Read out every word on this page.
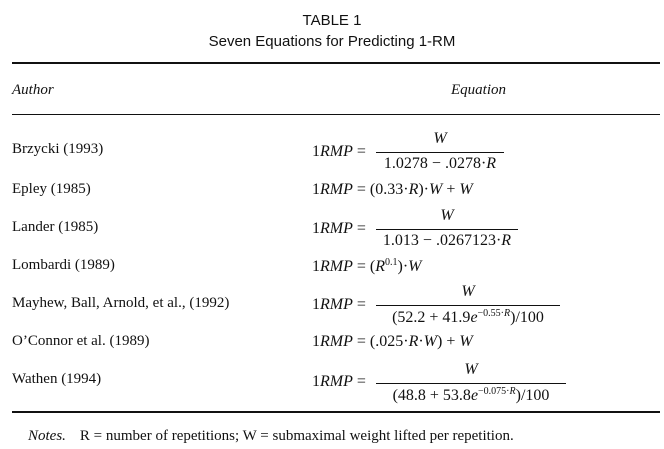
TABLE 1
Seven Equations for Predicting 1-RM
Author	Equation
Brzycki (1993)	1RMP =
W
1.0278 − .0278·R
Epley (1985)	1RMP = (0.33·R)·W + W
Lander (1985)	1RMP =
W
1.013 − .0267123·R
Lombardi (1989)	$1RMP = (R^{0.1})\cdot W$
Mayhew, Ball, Arnold, et al., (1992)	1RMP =
W
$(52.2 + 41.9e^{-0.55\cdot R})/100$
O’Connor et al. (1989)	1RMP = (.025·R·W) + W
Wathen (1994)	1RMP =
W
$(48.8 + 53.8e^{-0.075\cdot R})/100$
Notes. R = number of repetitions; W = submaximal weight lifted per repetition.
